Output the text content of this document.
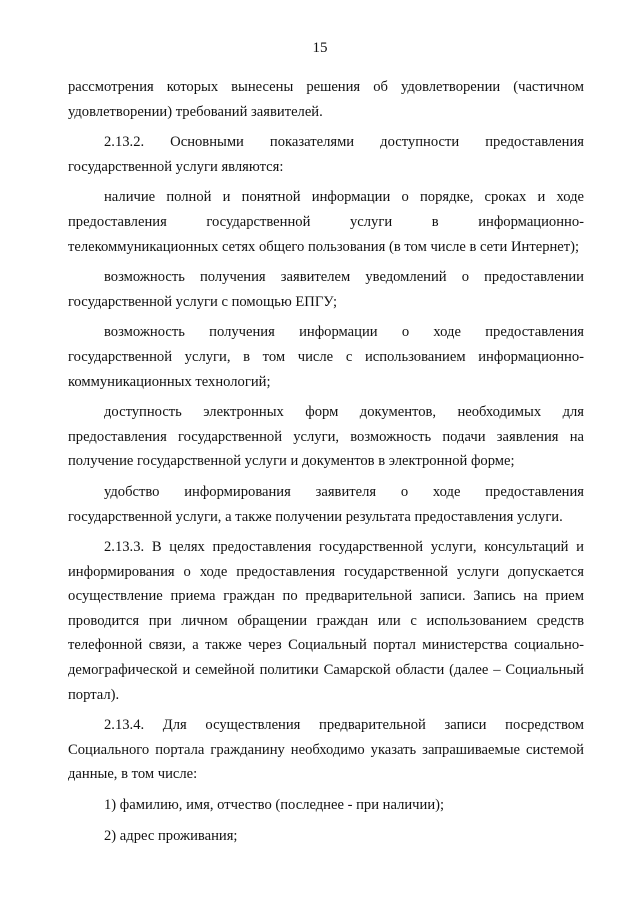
15

рассмотрения которых вынесены решения об удовлетворении (частичном удовлетворении) требований заявителей.

2.13.2. Основными показателями доступности предоставления государственной услуги являются:

наличие полной и понятной информации о порядке, сроках и ходе предоставления государственной услуги в информационно-телекоммуникационных сетях общего пользования (в том числе в сети Интернет);

возможность получения заявителем уведомлений о предоставлении государственной услуги с помощью ЕПГУ;

возможность получения информации о ходе предоставления государственной услуги, в том числе с использованием информационно-коммуникационных технологий;

доступность электронных форм документов, необходимых для предоставления государственной услуги, возможность подачи заявления на получение государственной услуги и документов в электронной форме;

удобство информирования заявителя о ходе предоставления государственной услуги, а также получении результата предоставления услуги.

2.13.3. В целях предоставления государственной услуги, консультаций и информирования о ходе предоставления государственной услуги допускается осуществление приема граждан по предварительной записи. Запись на прием проводится при личном обращении граждан или с использованием средств телефонной связи, а также через Социальный портал министерства социально-демографической и семейной политики Самарской области (далее – Социальный портал).

2.13.4. Для осуществления предварительной записи посредством Социального портала гражданину необходимо указать запрашиваемые системой данные, в том числе:

1) фамилию, имя, отчество (последнее - при наличии);

2) адрес проживания;
